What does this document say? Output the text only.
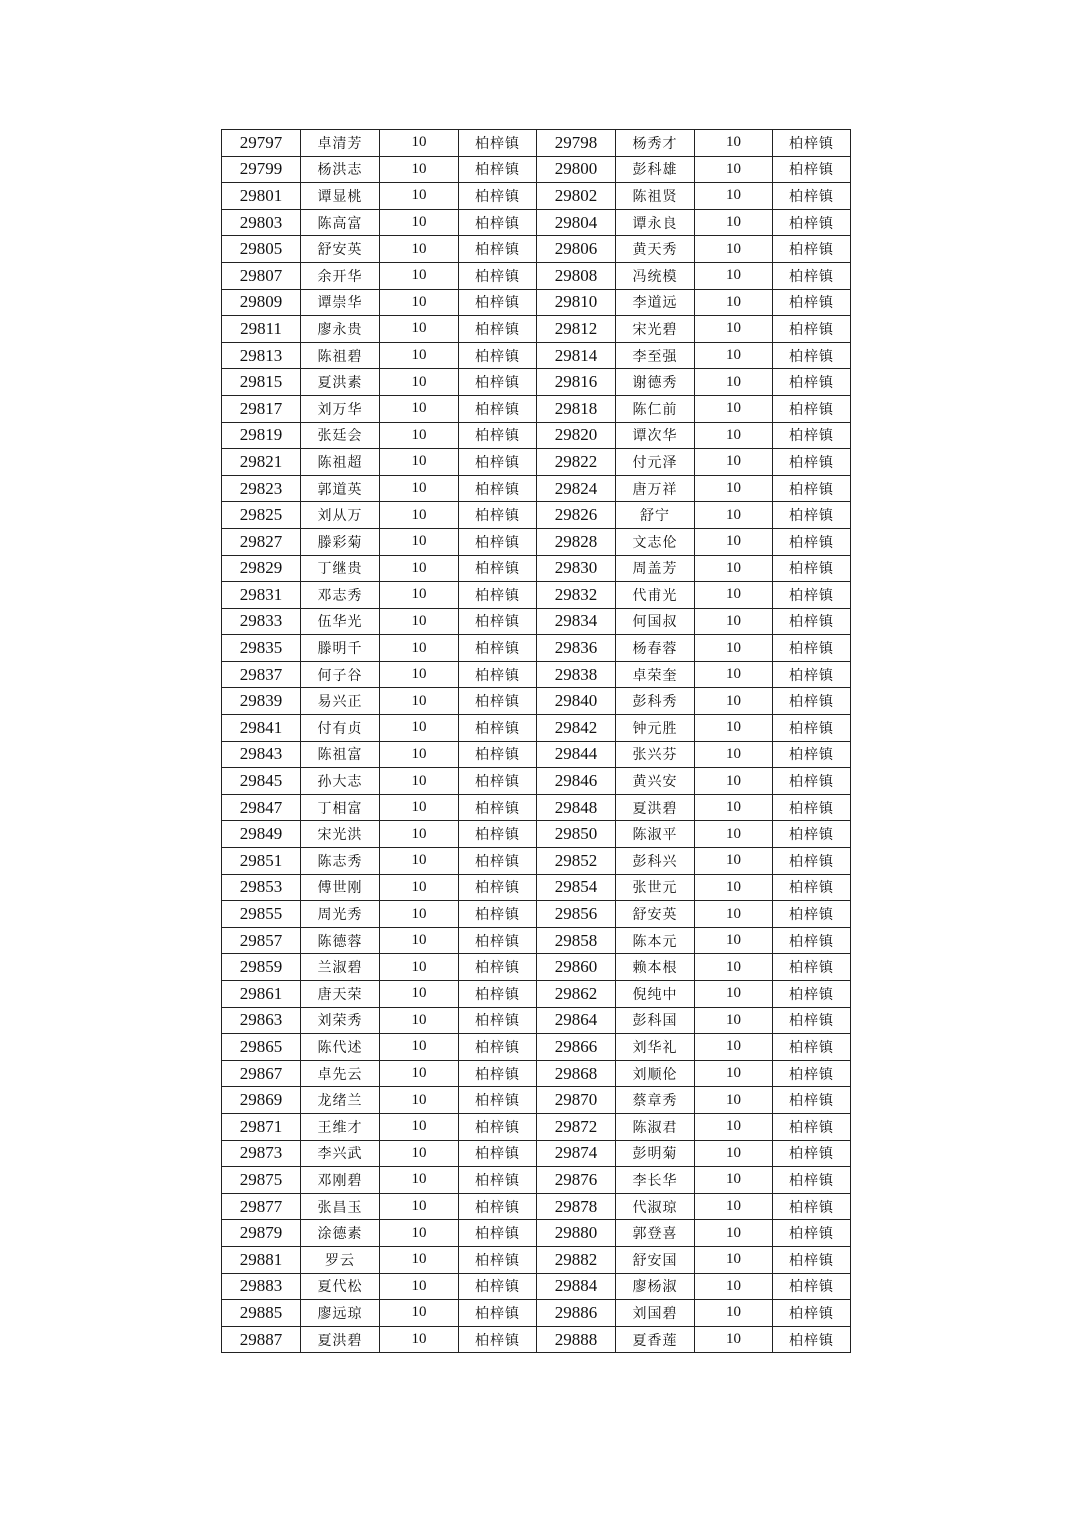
29797	卓清芳	10	柏梓镇	29798	杨秀才	10	柏梓镇
29799	杨洪志	10	柏梓镇	29800	彭科雄	10	柏梓镇
29801	谭显桃	10	柏梓镇	29802	陈祖贤	10	柏梓镇
29803	陈高富	10	柏梓镇	29804	谭永良	10	柏梓镇
29805	舒安英	10	柏梓镇	29806	黄天秀	10	柏梓镇
29807	余开华	10	柏梓镇	29808	冯统模	10	柏梓镇
29809	谭崇华	10	柏梓镇	29810	李道远	10	柏梓镇
29811	廖永贵	10	柏梓镇	29812	宋光碧	10	柏梓镇
29813	陈祖碧	10	柏梓镇	29814	李至强	10	柏梓镇
29815	夏洪素	10	柏梓镇	29816	谢德秀	10	柏梓镇
29817	刘万华	10	柏梓镇	29818	陈仁前	10	柏梓镇
29819	张廷会	10	柏梓镇	29820	谭次华	10	柏梓镇
29821	陈祖超	10	柏梓镇	29822	付元泽	10	柏梓镇
29823	郭道英	10	柏梓镇	29824	唐万祥	10	柏梓镇
29825	刘从万	10	柏梓镇	29826	舒宁	10	柏梓镇
29827	滕彩菊	10	柏梓镇	29828	文志伦	10	柏梓镇
29829	丁继贵	10	柏梓镇	29830	周盖芳	10	柏梓镇
29831	邓志秀	10	柏梓镇	29832	代甫光	10	柏梓镇
29833	伍华光	10	柏梓镇	29834	何国叔	10	柏梓镇
29835	滕明千	10	柏梓镇	29836	杨春蓉	10	柏梓镇
29837	何子谷	10	柏梓镇	29838	卓荣奎	10	柏梓镇
29839	易兴正	10	柏梓镇	29840	彭科秀	10	柏梓镇
29841	付有贞	10	柏梓镇	29842	钟元胜	10	柏梓镇
29843	陈祖富	10	柏梓镇	29844	张兴芬	10	柏梓镇
29845	孙大志	10	柏梓镇	29846	黄兴安	10	柏梓镇
29847	丁相富	10	柏梓镇	29848	夏洪碧	10	柏梓镇
29849	宋光洪	10	柏梓镇	29850	陈淑平	10	柏梓镇
29851	陈志秀	10	柏梓镇	29852	彭科兴	10	柏梓镇
29853	傅世刚	10	柏梓镇	29854	张世元	10	柏梓镇
29855	周光秀	10	柏梓镇	29856	舒安英	10	柏梓镇
29857	陈德蓉	10	柏梓镇	29858	陈本元	10	柏梓镇
29859	兰淑碧	10	柏梓镇	29860	赖本根	10	柏梓镇
29861	唐天荣	10	柏梓镇	29862	倪纯中	10	柏梓镇
29863	刘荣秀	10	柏梓镇	29864	彭科国	10	柏梓镇
29865	陈代述	10	柏梓镇	29866	刘华礼	10	柏梓镇
29867	卓先云	10	柏梓镇	29868	刘顺伦	10	柏梓镇
29869	龙绪兰	10	柏梓镇	29870	蔡章秀	10	柏梓镇
29871	王维才	10	柏梓镇	29872	陈淑君	10	柏梓镇
29873	李兴武	10	柏梓镇	29874	彭明菊	10	柏梓镇
29875	邓刚碧	10	柏梓镇	29876	李长华	10	柏梓镇
29877	张昌玉	10	柏梓镇	29878	代淑琼	10	柏梓镇
29879	涂德素	10	柏梓镇	29880	郭登喜	10	柏梓镇
29881	罗云	10	柏梓镇	29882	舒安国	10	柏梓镇
29883	夏代松	10	柏梓镇	29884	廖杨淑	10	柏梓镇
29885	廖远琼	10	柏梓镇	29886	刘国碧	10	柏梓镇
29887	夏洪碧	10	柏梓镇	29888	夏香莲	10	柏梓镇
